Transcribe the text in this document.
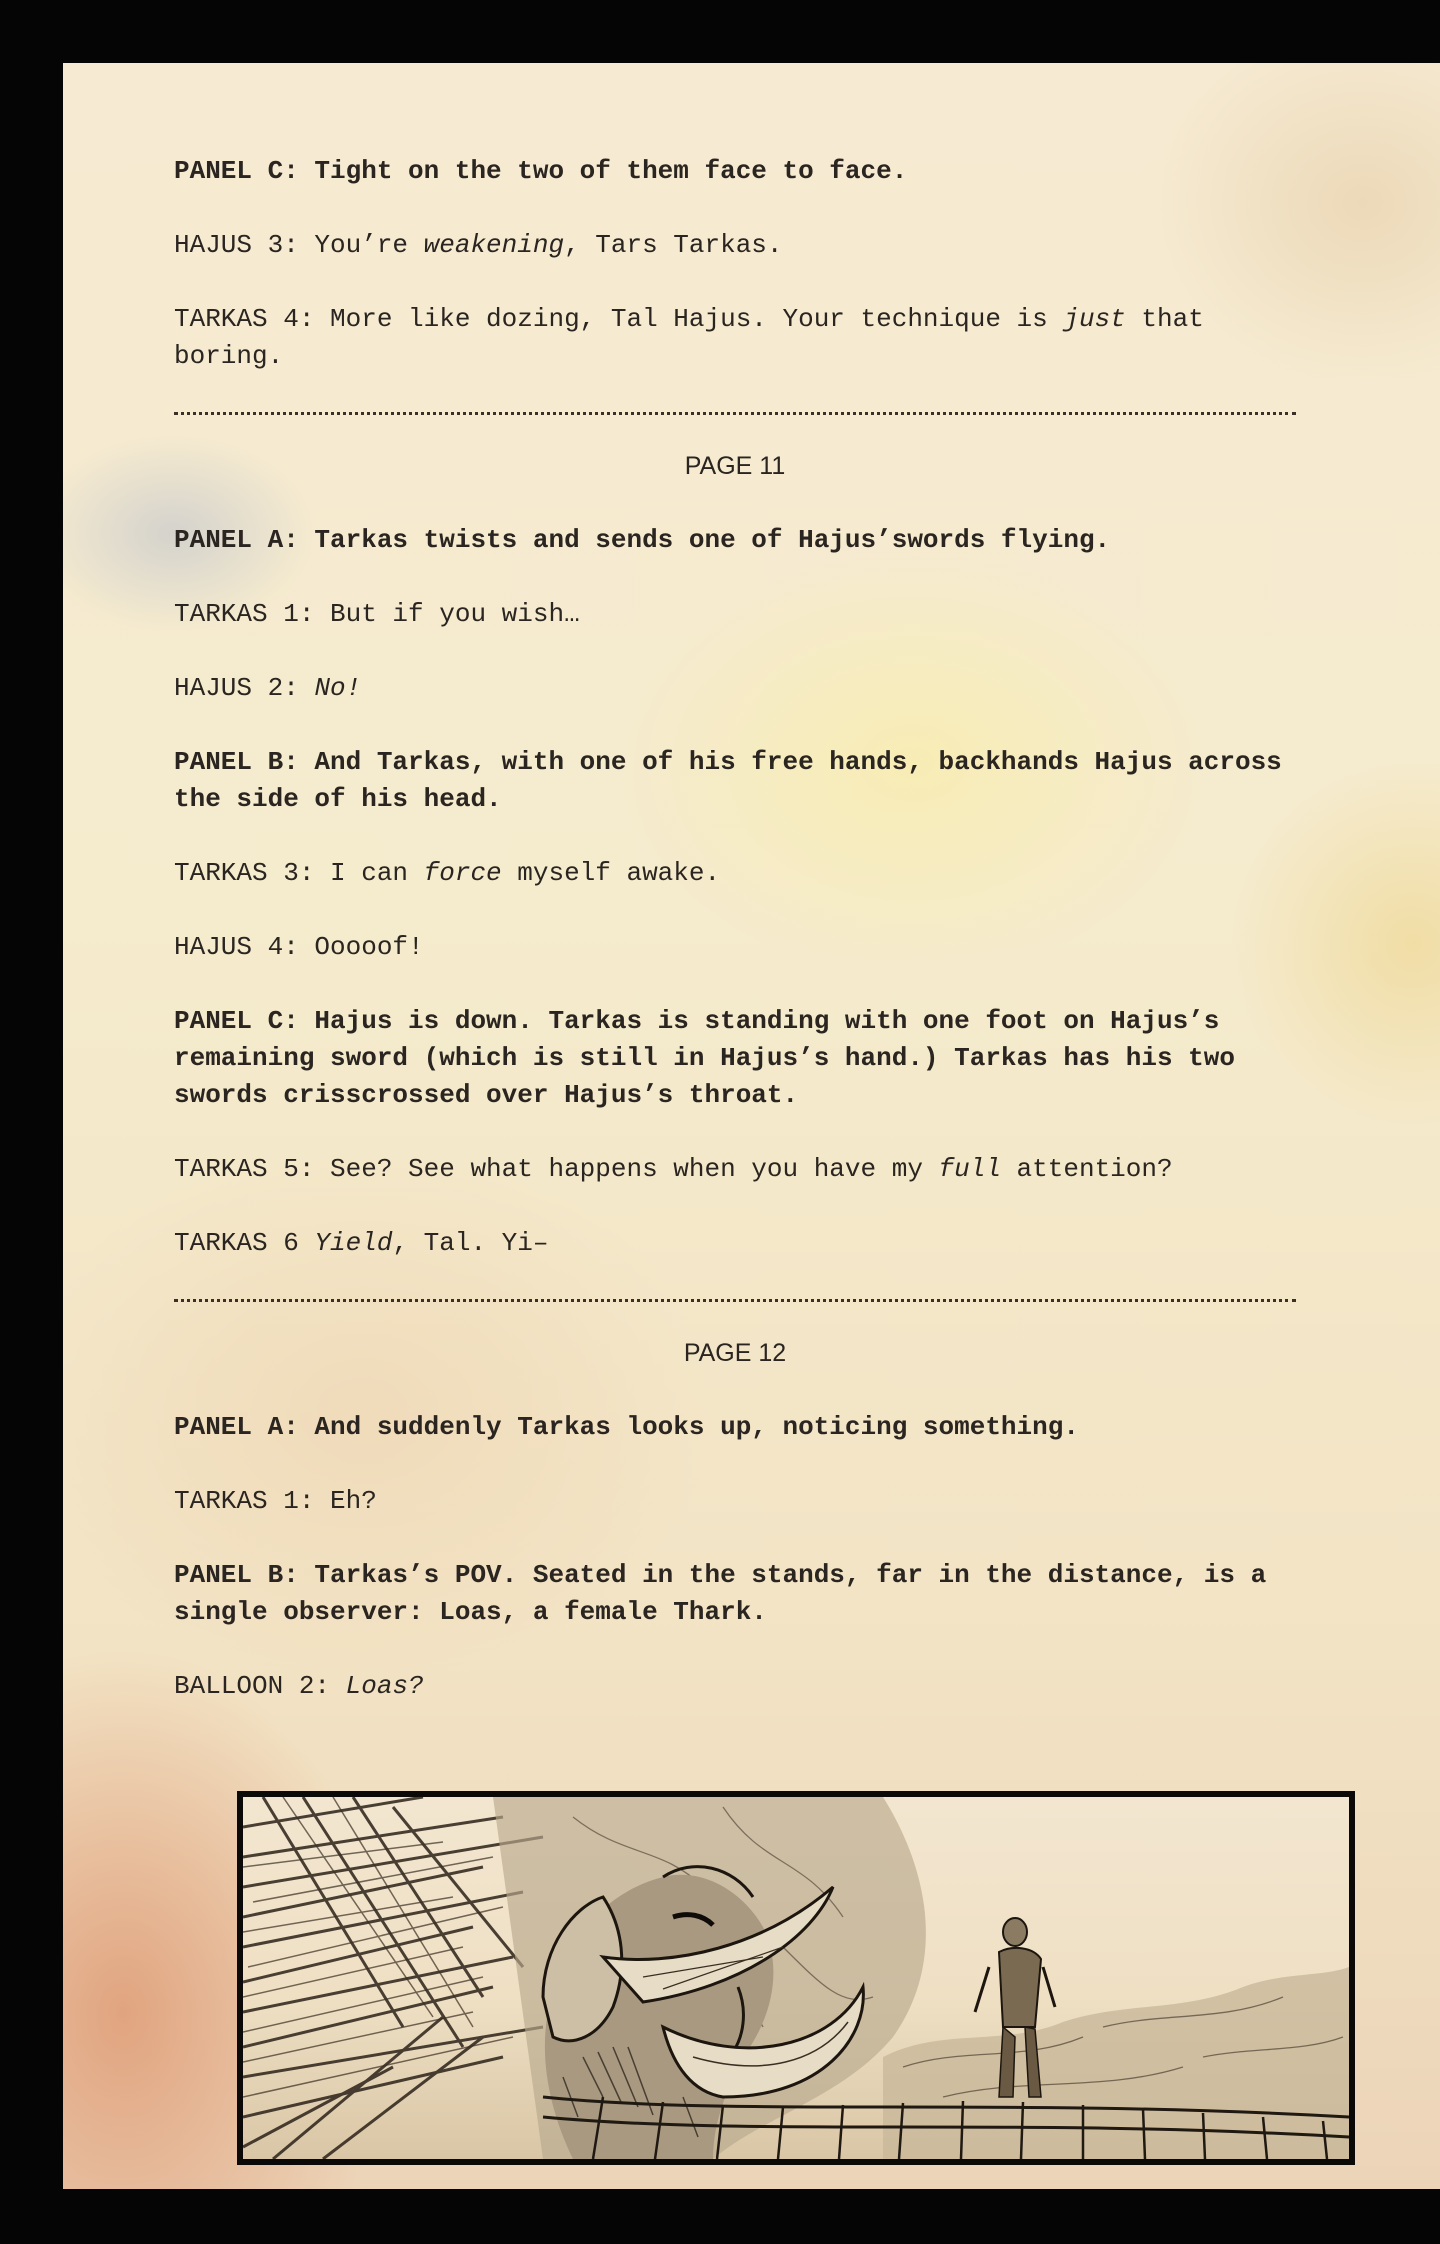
PANEL C: Tight on the two of them face to face.
HAJUS 3: You’re weakening, Tars Tarkas.
TARKAS 4: More like dozing, Tal Hajus. Your technique is just that boring.
PAGE 11
PANEL A: Tarkas twists and sends one of Hajus’swords flying.
TARKAS 1: But if you wish…
HAJUS 2: No!
PANEL B: And Tarkas, with one of his free hands, backhands Hajus across the side of his head.
TARKAS 3: I can force myself awake.
HAJUS 4: Ooooof!
PANEL C: Hajus is down. Tarkas is standing with one foot on Hajus’s remaining sword (which is still in Hajus’s hand.) Tarkas has his two swords crisscrossed over Hajus’s throat.
TARKAS 5: See? See what happens when you have my full attention?
TARKAS 6 Yield, Tal. Yi–
PAGE 12
PANEL A: And suddenly Tarkas looks up, noticing something.
TARKAS 1: Eh?
PANEL B: Tarkas’s POV. Seated in the stands, far in the distance, is a single observer: Loas, a female Thark.
BALLOON 2: Loas?
